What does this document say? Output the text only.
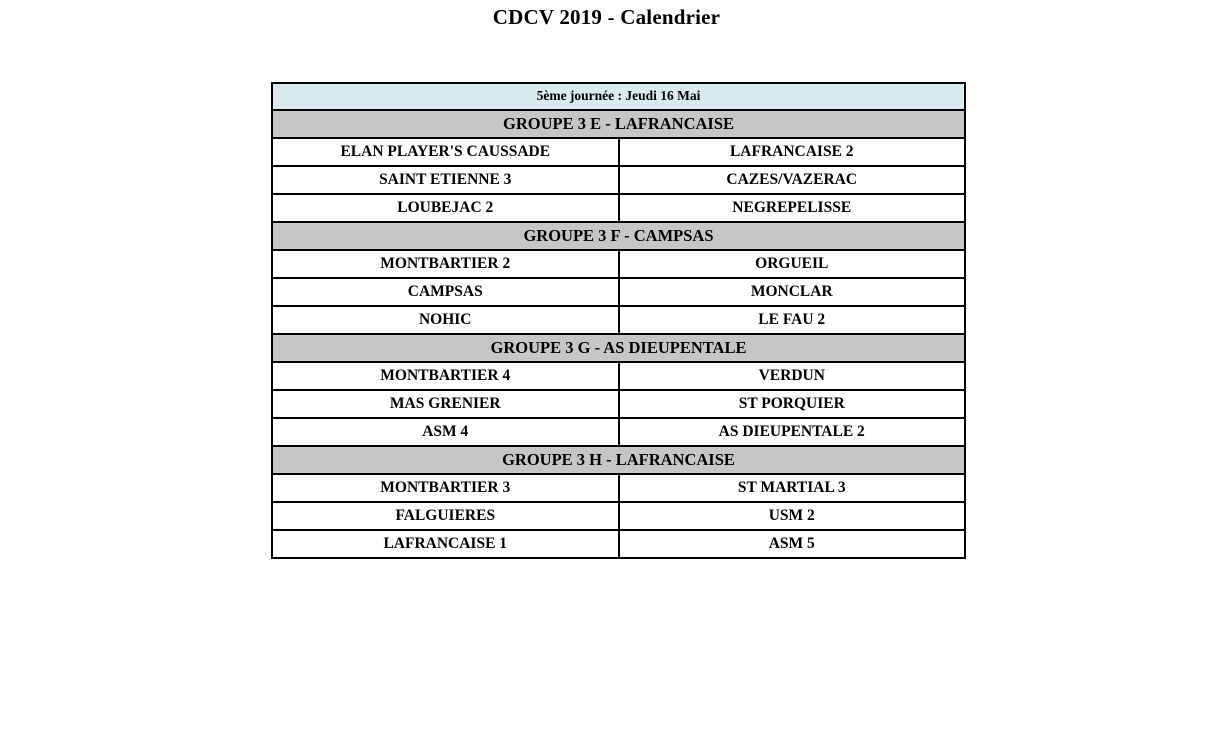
CDCV 2019 - Calendrier
5ème journée : Jeudi 16 Mai	
GROUPE 3 E - LAFRANCAISE	
ELAN PLAYER'S CAUSSADE	LAFRANCAISE 2
SAINT ETIENNE 3	CAZES/VAZERAC
LOUBEJAC 2	NEGREPELISSE
GROUPE 3 F - CAMPSAS	
MONTBARTIER 2	ORGUEIL
CAMPSAS	MONCLAR
NOHIC	LE FAU 2
GROUPE 3 G - AS DIEUPENTALE	
MONTBARTIER 4	VERDUN
MAS GRENIER	ST PORQUIER
ASM 4	AS DIEUPENTALE 2
GROUPE 3 H - LAFRANCAISE	
MONTBARTIER 3	ST MARTIAL 3
FALGUIERES	USM 2
LAFRANCAISE 1	ASM 5
